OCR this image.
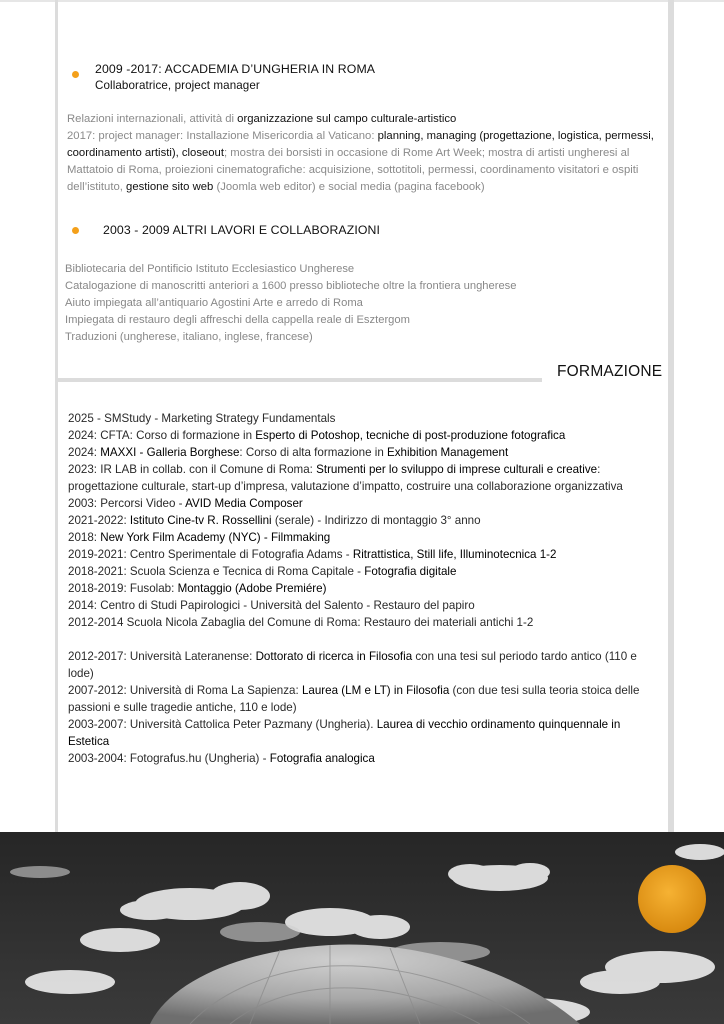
2009 -2017: ACCADEMIA D’UNGHERIA IN ROMA
Collaboratrice, project manager
Relazioni internazionali, attività di organizzazione sul campo culturale-artistico
2017: project manager: Installazione Misericordia al Vaticano: planning, managing (progettazione, logistica, permessi, coordinamento artisti), closeout; mostra dei borsisti in occasione di Rome Art Week; mostra di artisti ungheresi al Mattatoio di Roma, proiezioni cinematografiche: acquisizione, sottotitoli, permessi, coordinamento visitatori e ospiti dell’istituto, gestione sito web (Joomla web editor) e social media (pagina facebook)
2003 - 2009 ALTRI LAVORI E COLLABORAZIONI
Bibliotecaria del Pontificio Istituto Ecclesiastico Ungherese
Catalogazione di manoscritti anteriori a 1600 presso biblioteche oltre la frontiera ungherese
Aiuto impiegata all’antiquario Agostini Arte e arredo di Roma
Impiegata di restauro degli affreschi della cappella reale di Esztergom
Traduzioni (ungherese, italiano, inglese, francese)
FORMAZIONE
2025 - SMStudy - Marketing Strategy Fundamentals
2024: CFTA: Corso di formazione in Esperto di Potoshop, tecniche di post-produzione fotografica
2024: MAXXI - Galleria Borghese: Corso di alta formazione in Exhibition Management
2023: IR LAB in collab. con il Comune di Roma: Strumenti per lo sviluppo di imprese culturali e creative: progettazione culturale, start-up d’impresa, valutazione d’impatto, costruire una collaborazione organizzativa
2003: Percorsi Video - AVID Media Composer
2021-2022: Istituto Cine-tv R. Rossellini (serale) - Indirizzo di montaggio 3° anno
2018: New York Film Academy (NYC) - Filmmaking
2019-2021: Centro Sperimentale di Fotografia Adams - Ritrattistica, Still life, Illuminotecnica 1-2
2018-2021: Scuola Scienza e Tecnica di Roma Capitale - Fotografia digitale
2018-2019: Fusolab: Montaggio (Adobe Premiére)
2014: Centro di Studi Papirologici - Università del Salento - Restauro del papiro
2012-2014 Scuola Nicola Zabaglia del Comune di Roma: Restauro dei materiali antichi 1-2
2012-2017: Università Lateranense: Dottorato di ricerca in Filosofia con una tesi sul periodo tardo antico (110 e lode)
2007-2012: Università di Roma La Sapienza: Laurea (LM e LT) in Filosofia (con due tesi sulla teoria stoica delle passioni e sulle tragedie antiche, 110 e lode)
2003-2007: Università Cattolica Peter Pazmany (Ungheria). Laurea di vecchio ordinamento quinquennale in Estetica
2003-2004: Fotografus.hu (Ungheria) - Fotografia analogica
